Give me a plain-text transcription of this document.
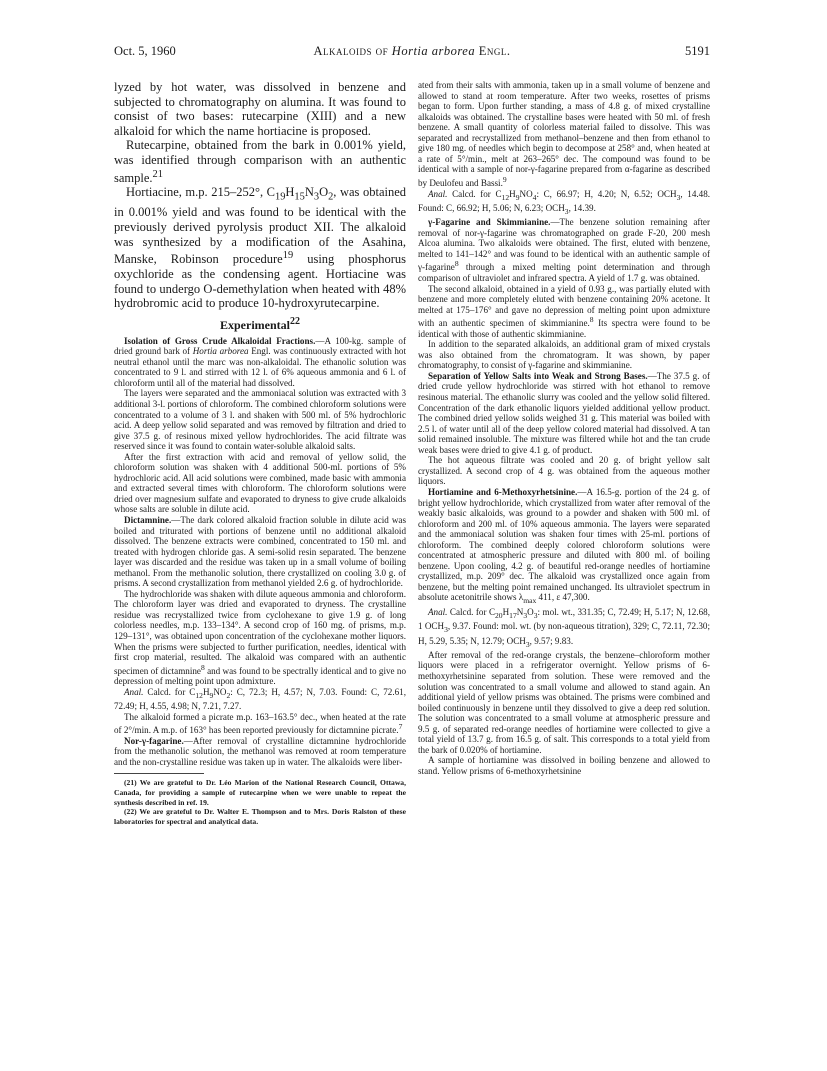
Oct. 5, 1960	Alkaloids of Hortia arborea Engl.	5191

lyzed by hot water, was dissolved in benzene and subjected to chromatography on alumina. It was found to consist of two bases: rutecarpine (XIII) and a new alkaloid for which the name hortiacine is proposed.

Rutecarpine, obtained from the bark in 0.001% yield, was identified through comparison with an authentic sample.$^{21}$

Hortiacine, m.p. 215–252°, $C_{19}H_{15}N_3O_2$, was obtained in 0.001% yield and was found to be identical with the previously derived pyrolysis product XII. The alkaloid was synthesized by a modification of the Asahina, Manske, Robinson procedure$^{19}$ using phosphorus oxychloride as the condensing agent. Hortiacine was found to undergo O-demethylation when heated with 48% hydrobromic acid to produce 10-hydroxyrutecarpine.

Experimental$^{22}$

Isolation of Gross Crude Alkaloidal Fractions.—A 100-kg. sample of dried ground bark of Hortia arborea Engl. was continuously extracted with hot neutral ethanol until the marc was non-alkaloidal. The ethanolic solution was concentrated to 9 l. and stirred with 12 l. of 6% aqueous ammonia and 6 l. of chloroform until all of the material had dissolved.

The layers were separated and the ammoniacal solution was extracted with 3 additional 3-l. portions of chloroform. The combined chloroform solutions were concentrated to a volume of 3 l. and shaken with 500 ml. of 5% hydrochloric acid. A deep yellow solid separated and was removed by filtration and dried to give 37.5 g. of resinous mixed yellow hydrochlorides. The acid filtrate was reserved since it was found to contain water-soluble alkaloid salts.

After the first extraction with acid and removal of yellow solid, the chloroform solution was shaken with 4 additional 500-ml. portions of 5% hydrochloric acid. All acid solutions were combined, made basic with ammonia and extracted several times with chloroform. The chloroform solutions were dried over magnesium sulfate and evaporated to dryness to give crude alkaloids whose salts are soluble in dilute acid.

Dictamnine.—The dark colored alkaloid fraction soluble in dilute acid was boiled and triturated with portions of benzene until no additional alkaloid dissolved. The benzene extracts were combined, concentrated to 150 ml. and treated with hydrogen chloride gas. A semi-solid resin separated. The benzene layer was discarded and the residue was taken up in a small volume of boiling methanol. From the methanolic solution, there crystallized on cooling 3.0 g. of prisms. A second crystallization from methanol yielded 2.6 g. of hydrochloride.

The hydrochloride was shaken with dilute aqueous ammonia and chloroform. The chloroform layer was dried and evaporated to dryness. The crystalline residue was recrystallized twice from cyclohexane to give 1.9 g. of long colorless needles, m.p. 133–134°. A second crop of 160 mg. of prisms, m.p. 129–131°, was obtained upon concentration of the cyclohexane mother liquors. When the prisms were subjected to further purification, needles, identical with first crop material, resulted. The alkaloid was compared with an authentic specimen of dictamnine$^8$ and was found to be spectrally identical and to give no depression of melting point upon admixture.

Anal. Calcd. for $C_{12}H_9NO_2$: C, 72.3; H, 4.57; N, 7.03. Found: C, 72.61, 72.49; H, 4.55, 4.98; N, 7.21, 7.27.

The alkaloid formed a picrate m.p. 163–163.5° dec., when heated at the rate of 2°/min. A m.p. of 163° has been reported previously for dictamnine picrate.$^7$

Nor-γ-fagarine.—After removal of crystalline dictamnine hydrochloride from the methanolic solution, the methanol was removed at room temperature and the non-crystalline residue was taken up in water. The alkaloids were liber-

(21) We are grateful to Dr. Léo Marion of the National Research Council, Ottawa, Canada, for providing a sample of rutecarpine when we were unable to repeat the synthesis described in ref. 19.

(22) We are grateful to Dr. Walter E. Thompson and to Mrs. Doris Ralston of these laboratories for spectral and analytical data.

ated from their salts with ammonia, taken up in a small volume of benzene and allowed to stand at room temperature. After two weeks, rosettes of prisms began to form. Upon further standing, a mass of 4.8 g. of mixed crystalline alkaloids was obtained. The crystalline bases were heated with 50 ml. of fresh benzene. A small quantity of colorless material failed to dissolve. This was separated and recrystallized from methanol–benzene and then from ethanol to give 180 mg. of needles which begin to decompose at 258° and, when heated at a rate of 5°/min., melt at 263–265° dec. The compound was found to be identical with a sample of nor-γ-fagarine prepared from α-fagarine as described by Deulofeu and Bassi.$^9$

Anal. Calcd. for $C_{12}H_9NO_4$: C, 66.97; H, 4.20; N, 6.52; $OCH_3$, 14.48. Found: C, 66.92; H, 5.06; N, 6.23; $OCH_3$, 14.39.

γ-Fagarine and Skimmianine.—The benzene solution remaining after removal of nor-γ-fagarine was chromatographed on grade F-20, 200 mesh Alcoa alumina. Two alkaloids were obtained. The first, eluted with benzene, melted to 141–142° and was found to be identical with an authentic sample of γ-fagarine$^8$ through a mixed melting point determination and through comparison of ultraviolet and infrared spectra. A yield of 1.7 g. was obtained.

The second alkaloid, obtained in a yield of 0.93 g., was partially eluted with benzene and more completely eluted with benzene containing 20% acetone. It melted at 175–176° and gave no depression of melting point upon admixture with an authentic specimen of skimmianine.$^8$ Its spectra were found to be identical with those of authentic skimmianine.

In addition to the separated alkaloids, an additional gram of mixed crystals was also obtained from the chromatogram. It was shown, by paper chromatography, to consist of γ-fagarine and skimmianine.

Separation of Yellow Salts into Weak and Strong Bases.—The 37.5 g. of dried crude yellow hydrochloride was stirred with hot ethanol to remove resinous material. The ethanolic slurry was cooled and the yellow solid filtered. Concentration of the dark ethanolic liquors yielded additional yellow product. The combined dried yellow solids weighed 31 g. This material was boiled with 2.5 l. of water until all of the deep yellow colored material had dissolved. A tan solid remained insoluble. The mixture was filtered while hot and the tan crude weak bases were dried to give 4.1 g. of product.

The hot aqueous filtrate was cooled and 20 g. of bright yellow salt crystallized. A second crop of 4 g. was obtained from the aqueous mother liquors.

Hortiamine and 6-Methoxyrhetsinine.—A 16.5-g. portion of the 24 g. of bright yellow hydrochloride, which crystallized from water after removal of the weakly basic alkaloids, was ground to a powder and shaken with 500 ml. of chloroform and 200 ml. of 10% aqueous ammonia. The layers were separated and the ammoniacal solution was shaken four times with 25-ml. portions of chloroform. The combined deeply colored chloroform solutions were concentrated at atmospheric pressure and diluted with 800 ml. of boiling benzene. Upon cooling, 4.2 g. of beautiful red-orange needles of hortiamine crystallized, m.p. 209° dec. The alkaloid was crystallized once again from benzene, but the melting point remained unchanged. Its ultraviolet spectrum in absolute acetonitrile shows $\lambda_{max}$ 411, ε 47,300.

Anal. Calcd. for $C_{20}H_{17}N_3O_3$: mol. wt., 331.35; C, 72.49; H, 5.17; N, 12.68, 1 $OCH_3$, 9.37. Found: mol. wt. (by non-aqueous titration), 329; C, 72.11, 72.30; H, 5.29, 5.35; N, 12.79; $OCH_3$, 9.57; 9.83.

After removal of the red-orange crystals, the benzene–chloroform mother liquors were placed in a refrigerator overnight. Yellow prisms of 6-methoxyrhetsinine separated from solution. These were removed and the solution was concentrated to a small volume and allowed to stand again. An additional yield of yellow prisms was obtained. The prisms were combined and boiled continuously in benzene until they dissolved to give a deep red solution. The solution was concentrated to a small volume at atmospheric pressure and 9.5 g. of separated red-orange needles of hortiamine were collected to give a total yield of 13.7 g. from 16.5 g. of salt. This corresponds to a total yield from the bark of 0.020% of hortiamine.

A sample of hortiamine was dissolved in boiling benzene and allowed to stand. Yellow prisms of 6-methoxyrhetsinine
